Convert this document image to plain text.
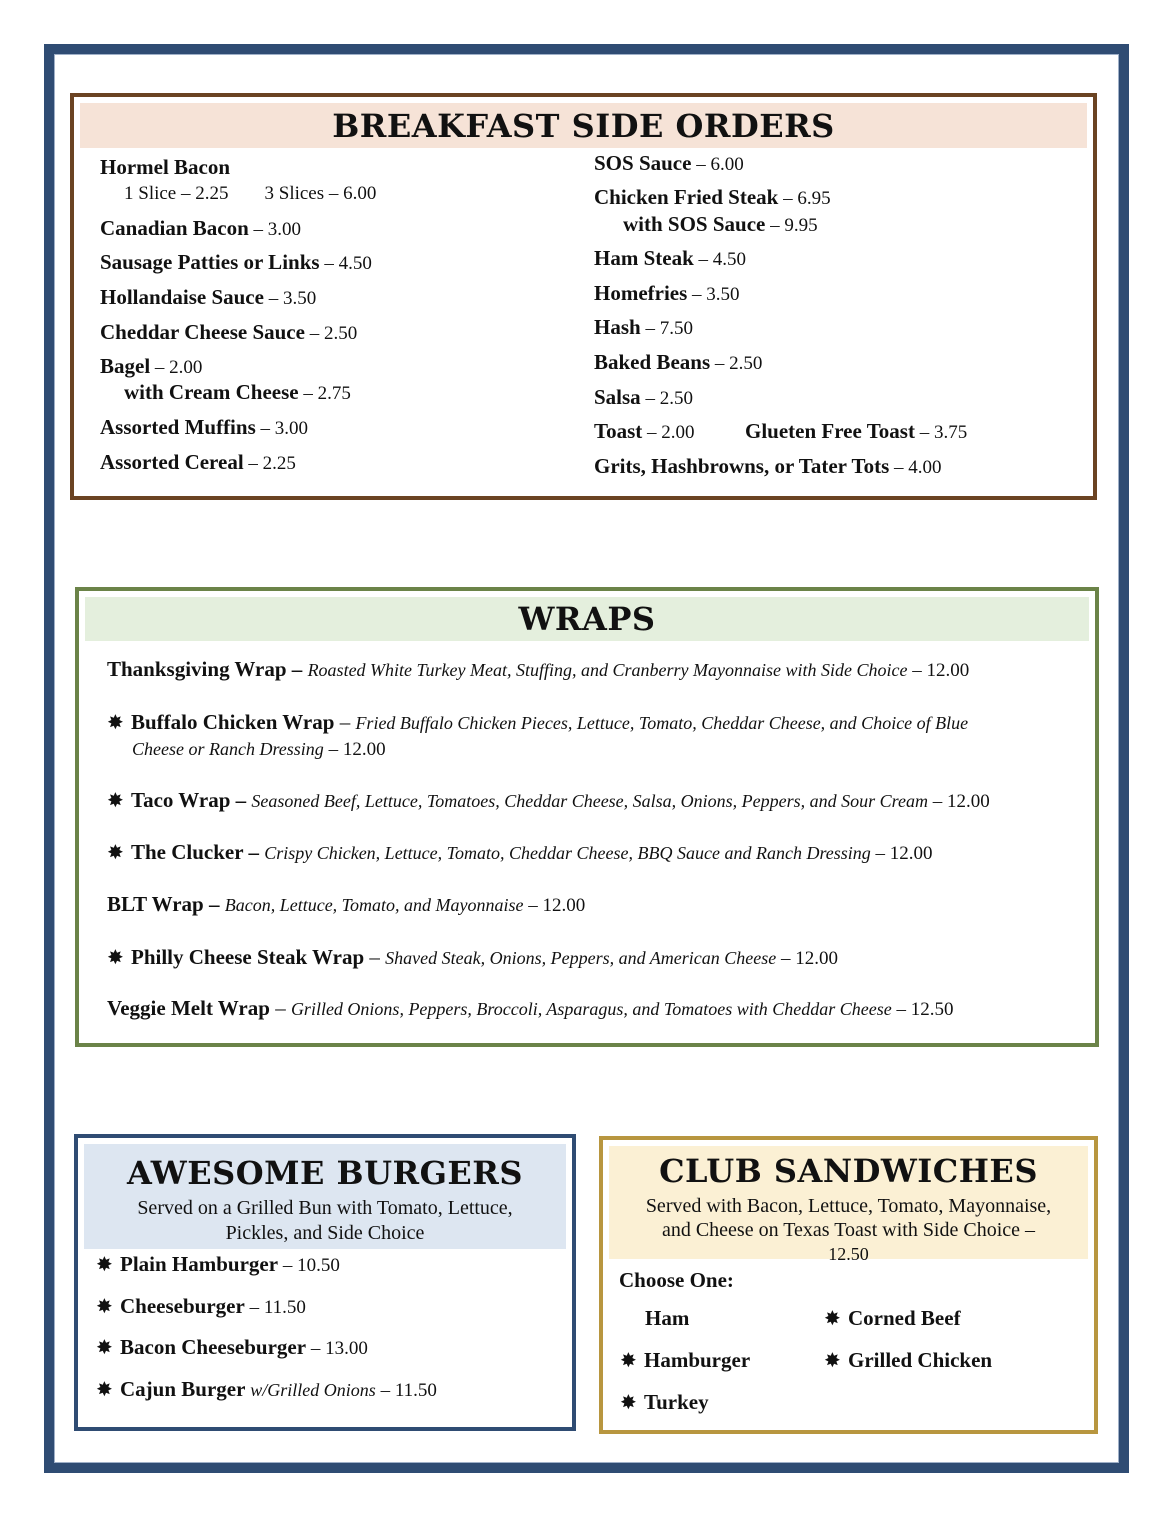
BREAKFAST SIDE ORDERS
Hormel Bacon
1 Slice – 2.25 3 Slices – 6.00
Canadian Bacon – 3.00
Sausage Patties or Links – 4.50
Hollandaise Sauce – 3.50
Cheddar Cheese Sauce – 2.50
Bagel – 2.00
with Cream Cheese – 2.75
Assorted Muffins – 3.00
Assorted Cereal – 2.25
SOS Sauce – 6.00
Chicken Fried Steak – 6.95
with SOS Sauce – 9.95
Ham Steak – 4.50
Homefries – 3.50
Hash – 7.50
Baked Beans – 2.50
Salsa – 2.50
Toast – 2.00 Glueten Free Toast – 3.75
Grits, Hashbrowns, or Tater Tots – 4.00
WRAPS
Thanksgiving Wrap – Roasted White Turkey Meat, Stuffing, and Cranberry Mayonnaise with Side Choice – 12.00
✸ Buffalo Chicken Wrap – Fried Buffalo Chicken Pieces, Lettuce, Tomato, Cheddar Cheese, and Choice of Blue
Cheese or Ranch Dressing – 12.00
✸ Taco Wrap – Seasoned Beef, Lettuce, Tomatoes, Cheddar Cheese, Salsa, Onions, Peppers, and Sour Cream – 12.00
✸ The Clucker – Crispy Chicken, Lettuce, Tomato, Cheddar Cheese, BBQ Sauce and Ranch Dressing – 12.00
BLT Wrap – Bacon, Lettuce, Tomato, and Mayonnaise – 12.00
✸ Philly Cheese Steak Wrap – Shaved Steak, Onions, Peppers, and American Cheese – 12.00
Veggie Melt Wrap – Grilled Onions, Peppers, Broccoli, Asparagus, and Tomatoes with Cheddar Cheese – 12.50
AWESOME BURGERS

Served on a Grilled Bun with Tomato, Lettuce,
Pickles, and Side Choice

✸ Plain Hamburger – 10.50
✸ Cheeseburger – 11.50
✸ Bacon Cheeseburger – 13.00
✸ Cajun Burger w/Grilled Onions – 11.50
CLUB SANDWICHES

Served with Bacon, Lettuce, Tomato, Mayonnaise,
and Cheese on Texas Toast with Side Choice –
12.50

Choose One:
Ham	✸ Corned Beef
✸ Hamburger	✸ Grilled Chicken
✸ Turkey
